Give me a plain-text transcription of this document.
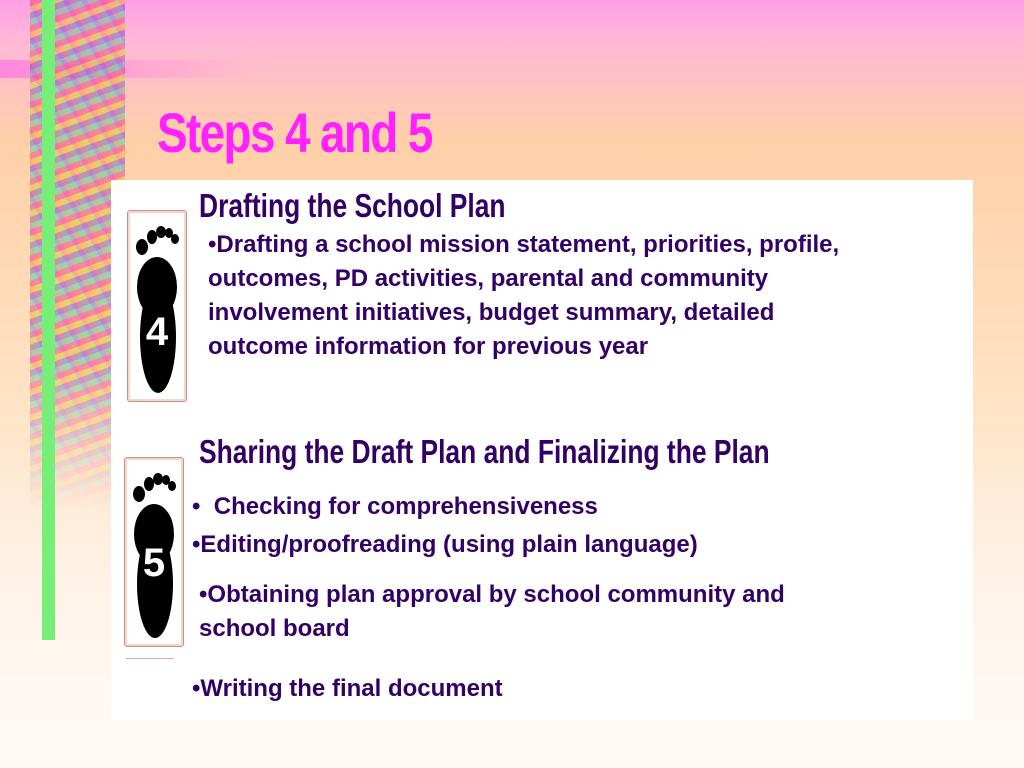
Steps 4 and 5
4
Drafting the School Plan
•Drafting a school mission statement, priorities, profile,
outcomes, PD activities, parental and community
involvement initiatives, budget summary, detailed
outcome information for previous year
5
Sharing the Draft Plan and Finalizing the Plan
•  Checking for comprehensiveness
•Editing/proofreading (using plain language)
•Obtaining plan approval by school community and
school board
•Writing the final document
